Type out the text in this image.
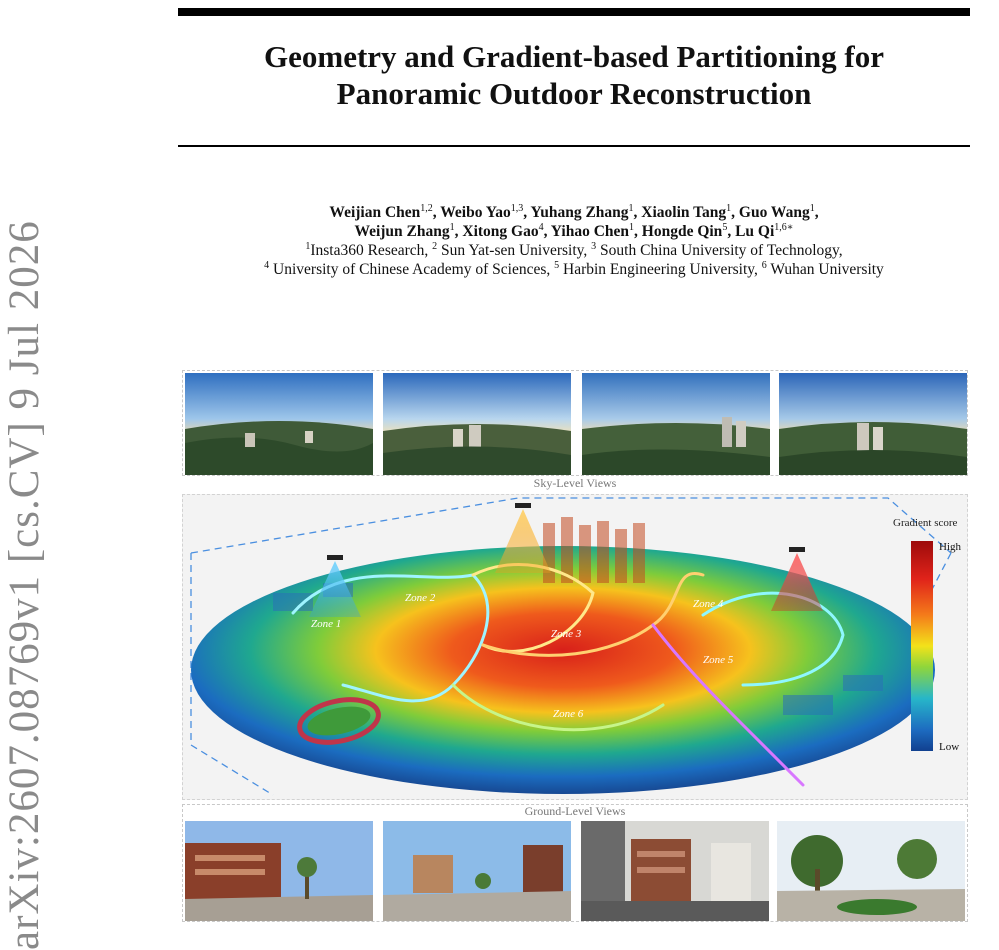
arXiv:2607.08769v1 [cs.CV] 9 Jul 2026
Geometry and Gradient-based Partitioning for
Panoramic Outdoor Reconstruction
Weijian Chen$^{1,2}$, Weibo Yao$^{1,3}$, Yuhang Zhang$^1$, Xiaolin Tang$^1$, Guo Wang$^1$,
Weijun Zhang$^1$, Xitong Gao$^4$, Yihao Chen$^1$, Hongde Qin$^5$, Lu $Qi^{1,6∗}$
$^1$Insta360 Research, $^2$ Sun Yat-sen University, $^3$ South China University of Technology,
$^4$ University of Chinese Academy of Sciences, $^5$ Harbin Engineering University, $^6$ Wuhan University
Sky-Level Views
Zone 1
Zone 2
Zone 3
Zone 4
Zone 5
Zone 6
Gradient score
High
Low
Ground-Level Views
